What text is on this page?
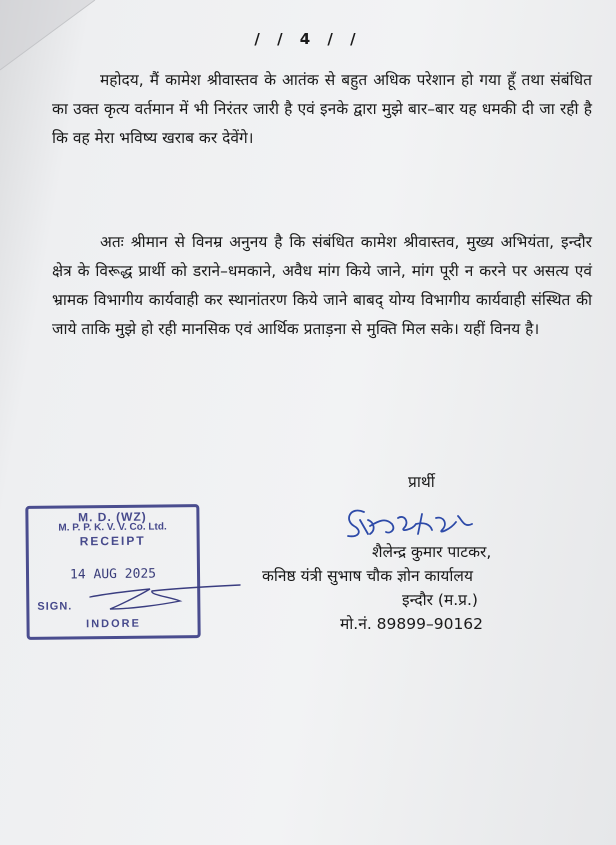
/ / 4 / /

महोदय, मैं कामेश श्रीवास्तव के आतंक से बहुत अधिक परेशान हो गया हूँ तथा संबंधित का उक्त कृत्य वर्तमान में भी निरंतर जारी है एवं इनके द्वारा मुझे बार–बार यह धमकी दी जा रही है कि वह मेरा भविष्य खराब कर देवेंगे।

अतः श्रीमान से विनम्र अनुनय है कि संबंधित कामेश श्रीवास्तव, मुख्य अभियंता, इन्दौर क्षेत्र के विरूद्ध प्रार्थी को डराने–धमकाने, अवैध मांग किये जाने, मांग पूरी न करने पर असत्य एवं भ्रामक विभागीय कार्यवाही कर स्थानांतरण किये जाने बाबद् योग्य विभागीय कार्यवाही संस्थित की जाये ताकि मुझे हो रही मानसिक एवं आर्थिक प्रताड़ना से मुक्ति मिल सके। यहीं विनय है।

प्रार्थी
Skpatkar
शैलेन्द्र कुमार पाटकर,
कनिष्ठ यंत्री सुभाष चौक ज्ञोन कार्यालय
इन्दौर (म.प्र.)
मो.नं. 89899–90162
M. D. (WZ)
M. P. P. K. V. V. Co. Ltd.
RECEIPT
14 AUG 2025
SIGN.
INDORE
